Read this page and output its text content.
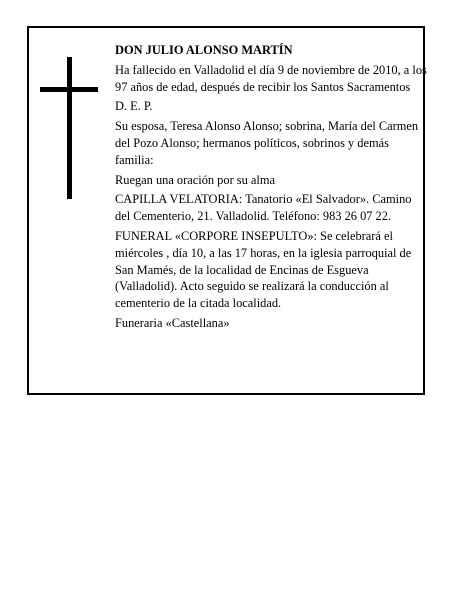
DON JULIO ALONSO MARTÍN

Ha fallecido en Valladolid el día 9 de noviembre de 2010, a los 97 años de edad, después de recibir los Santos Sacramentos

D. E. P.

Su esposa, Teresa Alonso Alonso; sobrina, María del Carmen del Pozo Alonso; hermanos políticos, sobrinos y demás familia:

Ruegan una oración por su alma

CAPILLA VELATORIA: Tanatorio «El Salvador». Camino del Cementerio, 21. Valladolid. Teléfono: 983 26 07 22.

FUNERAL «CORPORE INSEPULTO»: Se celebrará el miércoles , día 10, a las 17 horas, en la iglesia parroquial de San Mamés, de la localidad de Encinas de Esgueva (Valladolid). Acto seguido se realizará la conducción al cementerio de la citada localidad.

Funeraria «Castellana»
